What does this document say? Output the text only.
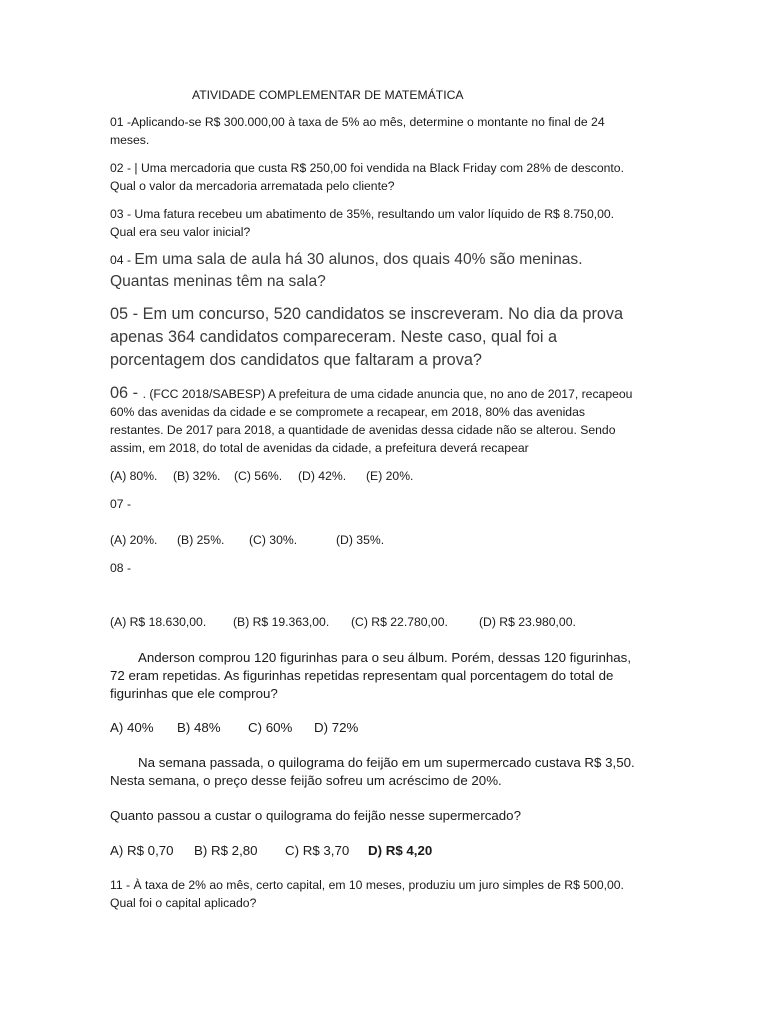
ATIVIDADE COMPLEMENTAR DE MATEMÁTICA

01 -Aplicando-se R$ 300.000,00 à taxa de 5% ao mês, determine o montante no final de 24

meses.

02 - | Uma mercadoria que custa R$ 250,00 foi vendida na Black Friday com 28% de desconto.

Qual o valor da mercadoria arrematada pelo cliente?

03 - Uma fatura recebeu um abatimento de 35%, resultando um valor líquido de R$ 8.750,00.

Qual era seu valor inicial?

04 - Em uma sala de aula há 30 alunos, dos quais 40% são meninas.

Quantas meninas têm na sala?

05 - Em um concurso, 520 candidatos se inscreveram. No dia da prova

apenas 364 candidatos compareceram. Neste caso, qual foi a

porcentagem dos candidatos que faltaram a prova?

06 - . (FCC 2018/SABESP) A prefeitura de uma cidade anuncia que, no ano de 2017, recapeou

60% das avenidas da cidade e se compromete a recapear, em 2018, 80% das avenidas

restantes. De 2017 para 2018, a quantidade de avenidas dessa cidade não se alterou. Sendo

assim, em 2018, do total de avenidas da cidade, a prefeitura deverá recapear

(A) 80%. (B) 32%. (C) 56%. (D) 42%. (E) 20%.

07 -

(A) 20%. (B) 25%. (C) 30%.	(D) 35%.

08 -

(A) R$ 18.630,00. (B) R$ 19.363,00. (C) R$ 22.780,00.	(D) R$ 23.980,00.

Anderson comprou 120 figurinhas para o seu álbum. Porém, dessas 120 figurinhas,

72 eram repetidas. As figurinhas repetidas representam qual porcentagem do total de

figurinhas que ele comprou?

A) 40% B) 48% C) 60% D) 72%

Na semana passada, o quilograma do feijão em um supermercado custava R$ 3,50.

Nesta semana, o preço desse feijão sofreu um acréscimo de 20%.

Quanto passou a custar o quilograma do feijão nesse supermercado?

A) R$ 0,70 B) R$ 2,80 C) R$ 3,70 D) R$ 4,20

11 - À taxa de 2% ao mês, certo capital, em 10 meses, produziu um juro simples de R$ 500,00.

Qual foi o capital aplicado?
